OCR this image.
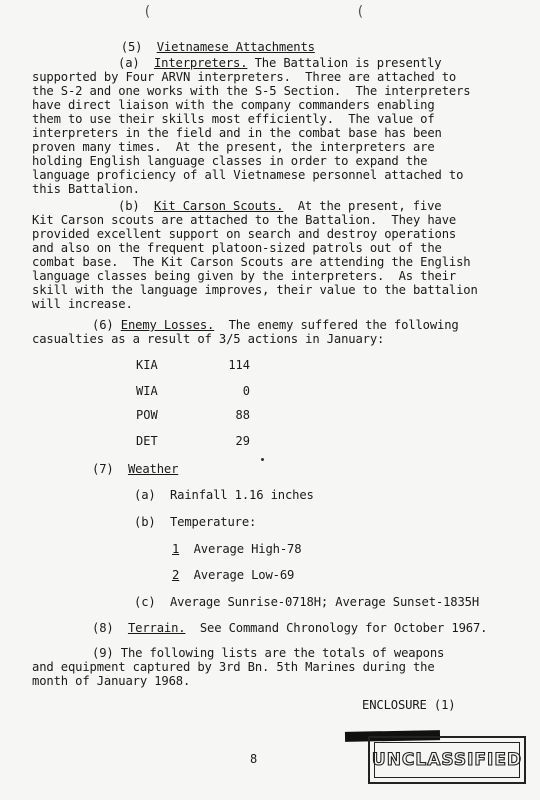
(	(

(5) Vietnamese Attachments

(a) Interpreters. The Battalion is presently
supported by Four ARVN interpreters.  Three are attached to
the S-2 and one works with the S-5 Section.  The interpreters
have direct liaison with the company commanders enabling
them to use their skills most efficiently.  The value of
interpreters in the field and in the combat base has been
proven many times.  At the present, the interpreters are
holding English language classes in order to expand the
language proficiency of all Vietnamese personnel attached to
this Battalion.
(b) Kit Carson Scouts.  At the present, five
Kit Carson scouts are attached to the Battalion.  They have
provided excellent support on search and destroy operations
and also on the frequent platoon-sized patrols out of the
combat base.  The Kit Carson Scouts are attending the English
language classes being given by the interpreters.  As their
skill with the language improves, their value to the battalion
will increase.
(6) Enemy Losses.  The enemy suffered the following
casualties as a result of 3/5 actions in January:
KIA	114
WIA	0
POW	88
DET	29
(7) Weather
(a) Rainfall 1.16 inches
(b) Temperature:
1 Average High-78
2 Average Low-69
(c) Average Sunrise-0718H; Average Sunset-1835H
(8) Terrain.  See Command Chronology for October 1967.
(9) The following lists are the totals of weapons
and equipment captured by 3rd Bn. 5th Marines during the
month of January 1968.
ENCLOSURE (1)
8	UNCLASSIFIED
